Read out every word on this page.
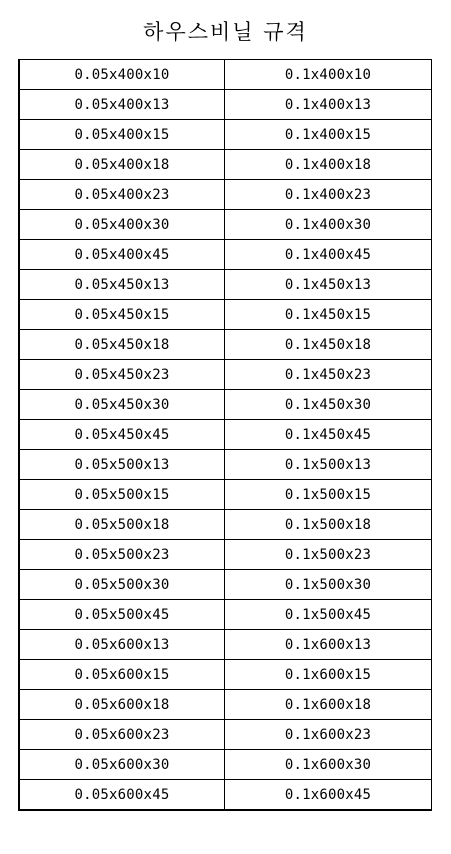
하우스비닐 규격
0.05x400x10	0.1x400x10
0.05x400x13	0.1x400x13
0.05x400x15	0.1x400x15
0.05x400x18	0.1x400x18
0.05x400x23	0.1x400x23
0.05x400x30	0.1x400x30
0.05x400x45	0.1x400x45
0.05x450x13	0.1x450x13
0.05x450x15	0.1x450x15
0.05x450x18	0.1x450x18
0.05x450x23	0.1x450x23
0.05x450x30	0.1x450x30
0.05x450x45	0.1x450x45
0.05x500x13	0.1x500x13
0.05x500x15	0.1x500x15
0.05x500x18	0.1x500x18
0.05x500x23	0.1x500x23
0.05x500x30	0.1x500x30
0.05x500x45	0.1x500x45
0.05x600x13	0.1x600x13
0.05x600x15	0.1x600x15
0.05x600x18	0.1x600x18
0.05x600x23	0.1x600x23
0.05x600x30	0.1x600x30
0.05x600x45	0.1x600x45
